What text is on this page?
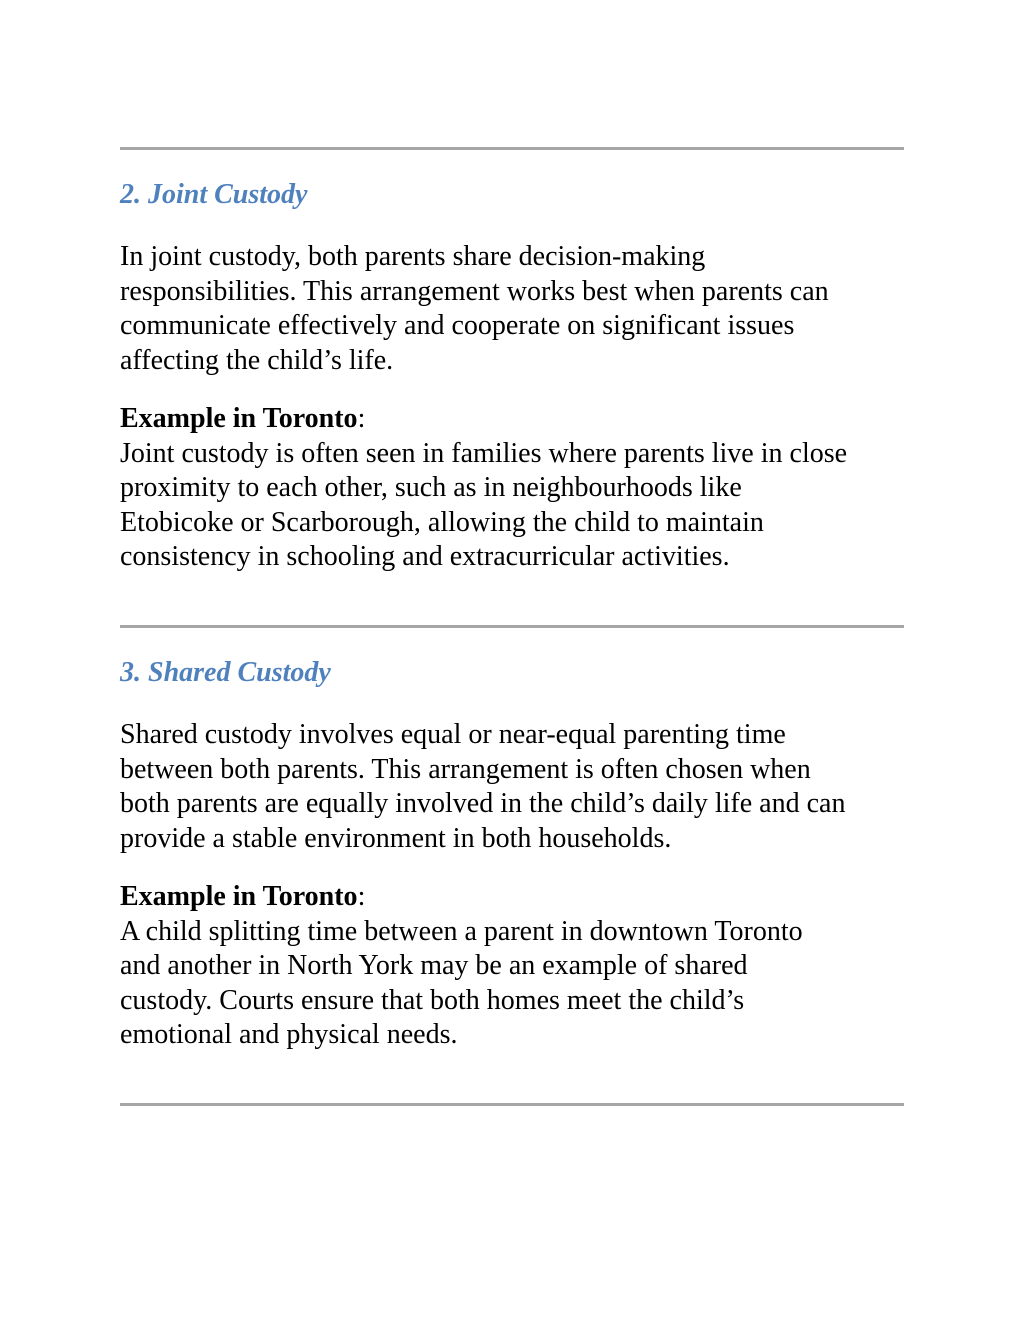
2. Joint Custody

In joint custody, both parents share decision-making
responsibilities. This arrangement works best when parents can
communicate effectively and cooperate on significant issues
affecting the child’s life.

Example in Toronto:
Joint custody is often seen in families where parents live in close
proximity to each other, such as in neighbourhoods like
Etobicoke or Scarborough, allowing the child to maintain
consistency in schooling and extracurricular activities.

3. Shared Custody

Shared custody involves equal or near-equal parenting time
between both parents. This arrangement is often chosen when
both parents are equally involved in the child’s daily life and can
provide a stable environment in both households.

Example in Toronto:
A child splitting time between a parent in downtown Toronto
and another in North York may be an example of shared
custody. Courts ensure that both homes meet the child’s
emotional and physical needs.
